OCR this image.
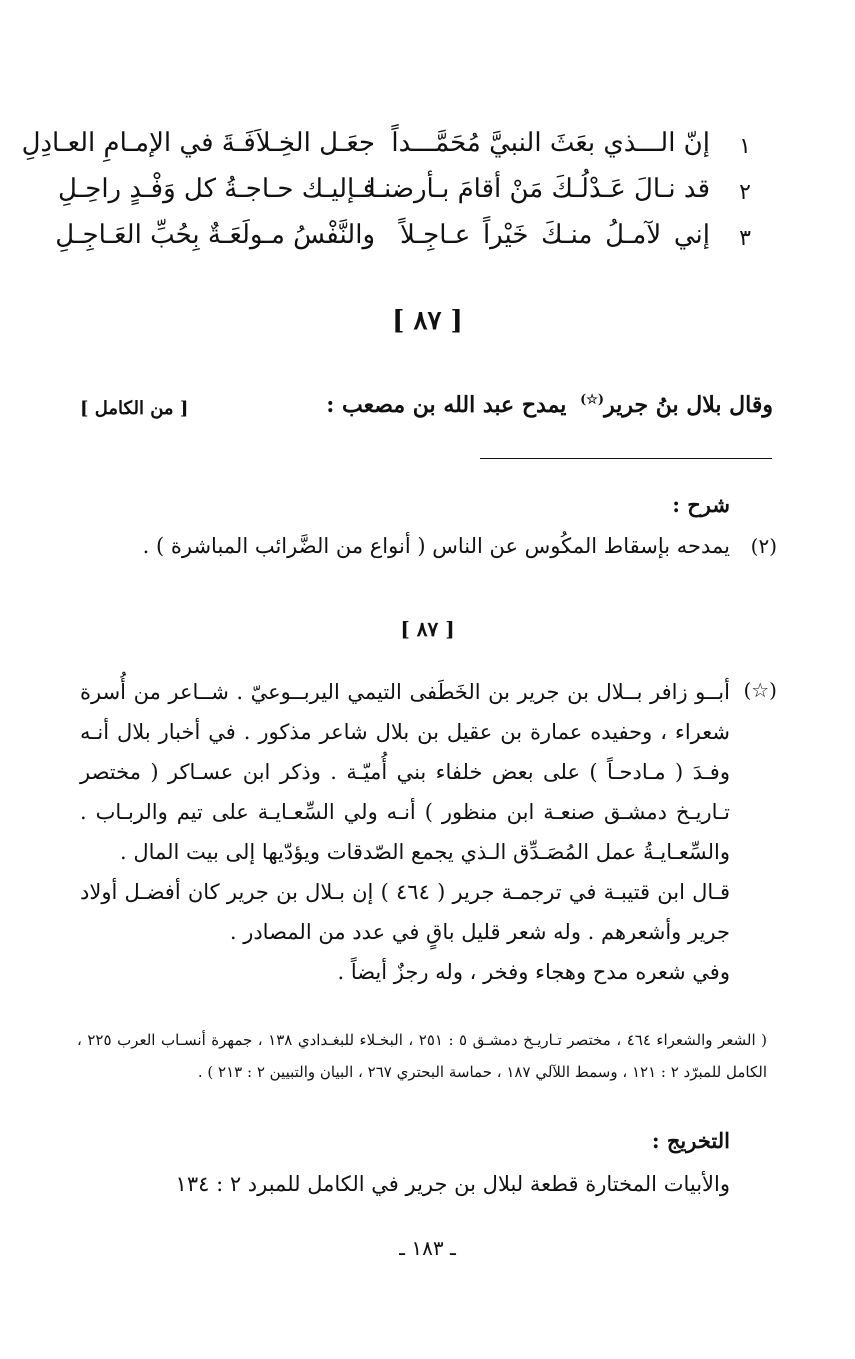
١
إنّ الـــذي بعَثَ النبيَّ مُحَمَّـــداً
جعَـل الخِـلاَفَـةَ في الإمـامِ العـادِلِ
٢
قد نـالَ عَـدْلُـكَ مَنْ أقامَ بـأرضنـا
فـإليـك حـاجـةُ كل وَفْـدٍ راحِـلِ
٣
إني لآمـلُ منـكَ خَيْراً عـاجِـلاً
والنَّفْسُ مـولَعَـةٌ بِحُبِّ العَـاجِـلِ
[ ٨٧ ]
وقال بلال بنُ جرير(☆) يمدح عبد الله بن مصعب :
[ من الكامل ]
شرح :
(٢)
يمدحه بإسقاط المكُوس عن الناس ( أنواع من الضَّرائب المباشرة ) .
[ ٨٧ ]
(☆)

أبــو زافر بــلال بن جرير بن الخَطَفى التيمي اليربــوعيّ . شــاعر من أُسرة شعراء ، وحفيده عمارة بن عقيل بن بلال شاعر مذكور . في أخبار بلال أنـه وفـدَ ( مـادحـاً ) على بعض خلفاء بني أُميّـة . وذكر ابن عسـاكر ( مختصر تـاريـخ دمشـق صنعـة ابن منظور ) أنـه ولي السِّعـايـة على تيم والربـاب . والسِّعـايـةُ عمل المُصَـدِّق الـذي يجمع الصّدقات ويؤدّيها إلى بيت المال .

قـال ابن قتيبـة في ترجمـة جرير ( ٤٦٤ ) إن بـلال بن جرير كان أفضـل أولاد جرير وأشعرهم . وله شعر قليل باقٍ في عدد من المصادر .

وفي شعره مدح وهجاء وفخر ، وله رجزٌ أيضاً .

( الشعر والشعراء ٤٦٤ ، مختصر تـاريـخ دمشـق ٥ : ٢٥١ ، البخـلاء للبغـدادي ١٣٨ ، جمهرة أنسـاب العرب ٢٢٥ ، الكامل للمبرّد ٢ : ١٢١ ، وسمط اللآلي ١٨٧ ، حماسة البحتري ٢٦٧ ، البيان والتبيين ٢ : ٢١٣ ) .
التخريج :
والأبيات المختارة قطعة لبلال بن جرير في الكامل للمبرد ٢ : ١٣٤
ـ ١٨٣ ـ
